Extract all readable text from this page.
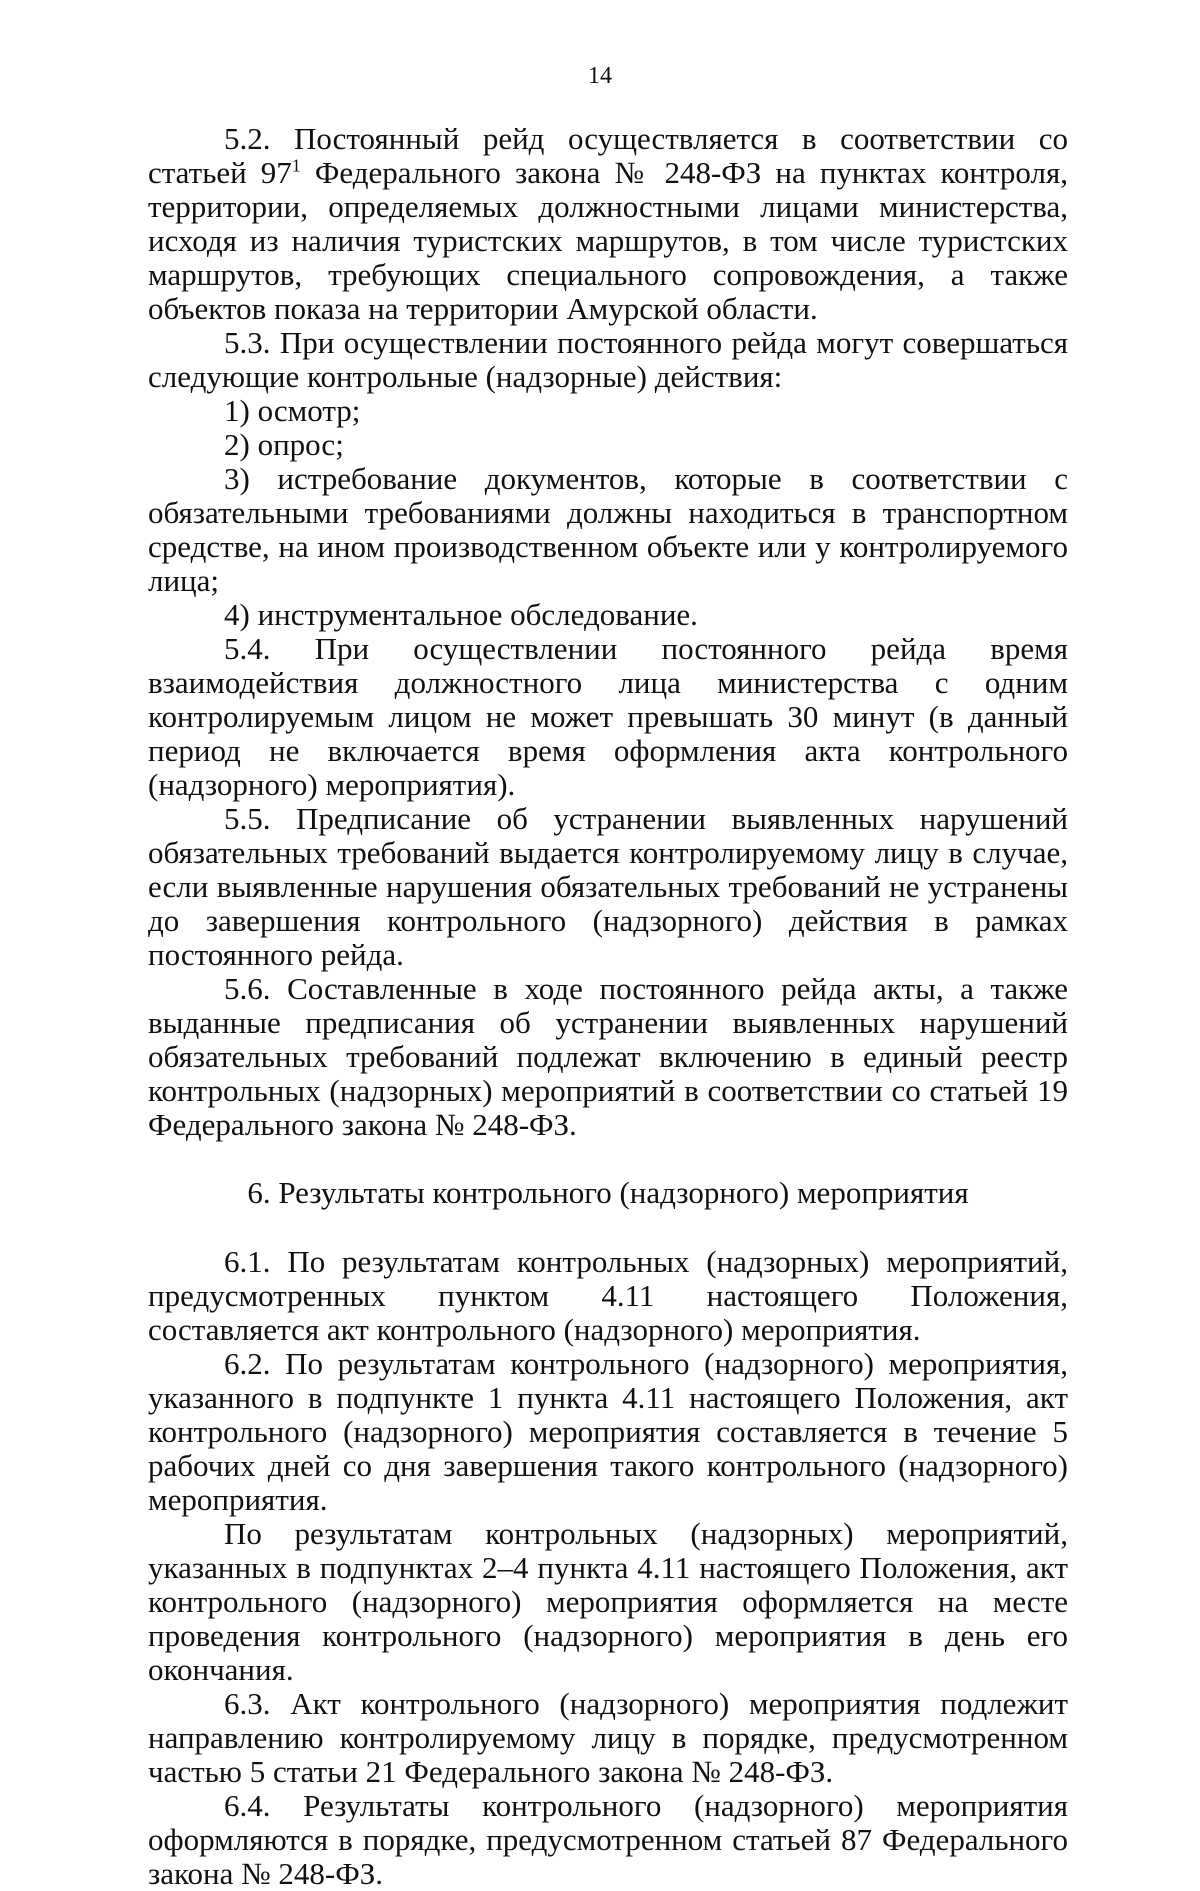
14

5.2. Постоянный рейд осуществляется в соответствии со статьей $97^1$ Федерального закона № 248-ФЗ на пунктах контроля, территории, определяемых должностными лицами министерства, исходя из наличия туристских маршрутов, в том числе туристских маршрутов, требующих специального сопровождения, а также объектов показа на территории Амурской области.

5.3. При осуществлении постоянного рейда могут совершаться следующие контрольные (надзорные) действия:

1) осмотр;

2) опрос;

3) истребование документов, которые в соответствии с обязательными требованиями должны находиться в транспортном средстве, на ином производственном объекте или у контролируемого лица;

4) инструментальное обследование.

5.4. При осуществлении постоянного рейда время взаимодействия должностного лица министерства с одним контролируемым лицом не может превышать 30 минут (в данный период не включается время оформления акта контрольного (надзорного) мероприятия).

5.5. Предписание об устранении выявленных нарушений обязательных требований выдается контролируемому лицу в случае, если выявленные нарушения обязательных требований не устранены до завершения контрольного (надзорного) действия в рамках постоянного рейда.

5.6. Составленные в ходе постоянного рейда акты, а также выданные предписания об устранении выявленных нарушений обязательных требований подлежат включению в единый реестр контрольных (надзорных) мероприятий в соответствии со статьей 19 Федерального закона № 248-ФЗ.

6. Результаты контрольного (надзорного) мероприятия

6.1. По результатам контрольных (надзорных) мероприятий, предусмотренных пунктом 4.11 настоящего Положения, составляется акт контрольного (надзорного) мероприятия.

6.2. По результатам контрольного (надзорного) мероприятия, указанного в подпункте 1 пункта 4.11 настоящего Положения, акт контрольного (надзорного) мероприятия составляется в течение 5 рабочих дней со дня завершения такого контрольного (надзорного) мероприятия.

По результатам контрольных (надзорных) мероприятий, указанных в подпунктах 2–4 пункта 4.11 настоящего Положения, акт контрольного (надзорного) мероприятия оформляется на месте проведения контрольного (надзорного) мероприятия в день его окончания.

6.3. Акт контрольного (надзорного) мероприятия подлежит направлению контролируемому лицу в порядке, предусмотренном частью 5 статьи 21 Федерального закона № 248-ФЗ.

6.4. Результаты контрольного (надзорного) мероприятия оформляются в порядке, предусмотренном статьей 87 Федерального закона № 248-ФЗ.
